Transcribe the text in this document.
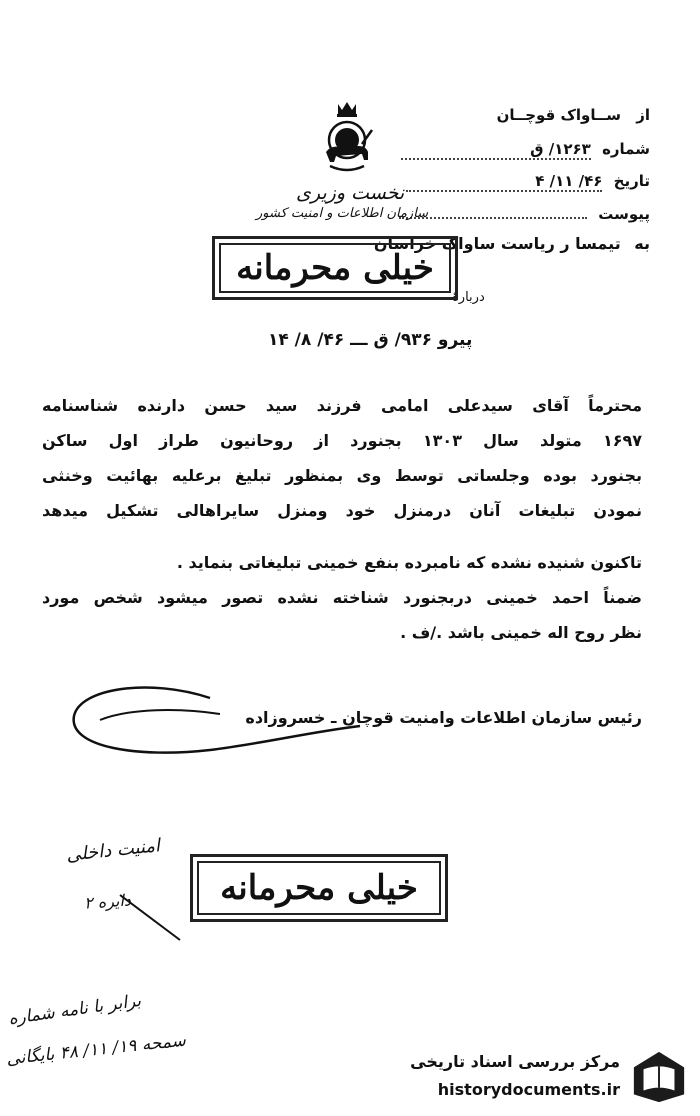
از ســاواک قوچــان
شماره ۱۲۶۳/ ق
تاریخ ۴۶/ ۱۱/ ۴
پیوست
به تیمسا ر ریاست ساواک خراسان
دربارهٔ
نخست وزیری
سازمان اطلاعات و امنیت کشور
خیلی محرمانه
پیرو ۹۳۶/ ق ـــ ۴۶/ ۸/ ۱۴
محترماً آقای سیدعلی امامی فرزند سید حسن دارنده شناسنامه
۱۶۹۷ متولد سال ۱۳۰۳ بجنورد از روحانیون طراز اول ساکن
بجنورد بوده وجلساتی توسط وی بمنظور تبلیغ برعلیه بهائیت وخنثی
نمودن تبلیغات آنان درمنزل خود ومنزل سایراهالی تشکیل میدهد
تاکنون شنیده نشده که نامبرده بنفع خمینی تبلیغاتی بنماید .
ضمناً احمد خمینی دربجنورد شناخته نشده تصور میشود شخص مورد
نظر روح اله خمینی باشد ./ف .
رئیس سازمان اطلاعات وامنیت قوچان ـ خسروزاده
خیلی محرمانه
امنیت داخلی
دایره ۲
برابر با نامه شماره
سمحه ۱۹/ ۱۱/ ۴۸ بایگانی
مرکز بررسی اسناد تاریخی
historydocuments.ir
